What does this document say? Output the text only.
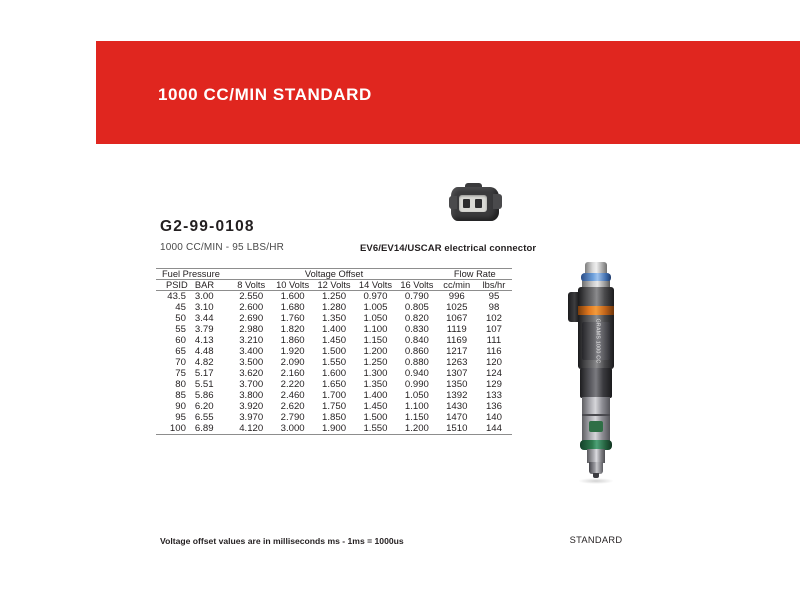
1000 CC/MIN STANDARD
G2-99-0108
1000 CC/MIN - 95 LBS/HR	EV6/EV14/USCAR electrical connector
Fuel Pressure		Voltage Offset					Flow Rate	
PSID	BAR	8 Volts	10 Volts	12 Volts	14 Volts	16 Volts	cc/min	lbs/hr
43.5	3.00	2.550	1.600	1.250	0.970	0.790	996	95
45	3.10	2.600	1.680	1.280	1.005	0.805	1025	98
50	3.44	2.690	1.760	1.350	1.050	0.820	1067	102
55	3.79	2.980	1.820	1.400	1.100	0.830	1119	107
60	4.13	3.210	1.860	1.450	1.150	0.840	1169	111
65	4.48	3.400	1.920	1.500	1.200	0.860	1217	116
70	4.82	3.500	2.090	1.550	1.250	0.880	1263	120
75	5.17	3.620	2.160	1.600	1.300	0.940	1307	124
80	5.51	3.700	2.220	1.650	1.350	0.990	1350	129
85	5.86	3.800	2.460	1.700	1.400	1.050	1392	133
90	6.20	3.920	2.620	1.750	1.450	1.100	1430	136
95	6.55	3.970	2.790	1.850	1.500	1.150	1470	140
100	6.89	4.120	3.000	1.900	1.550	1.200	1510	144
Voltage offset values are in milliseconds ms - 1ms = 1000us
GRAMS 1000 CC
STANDARD
